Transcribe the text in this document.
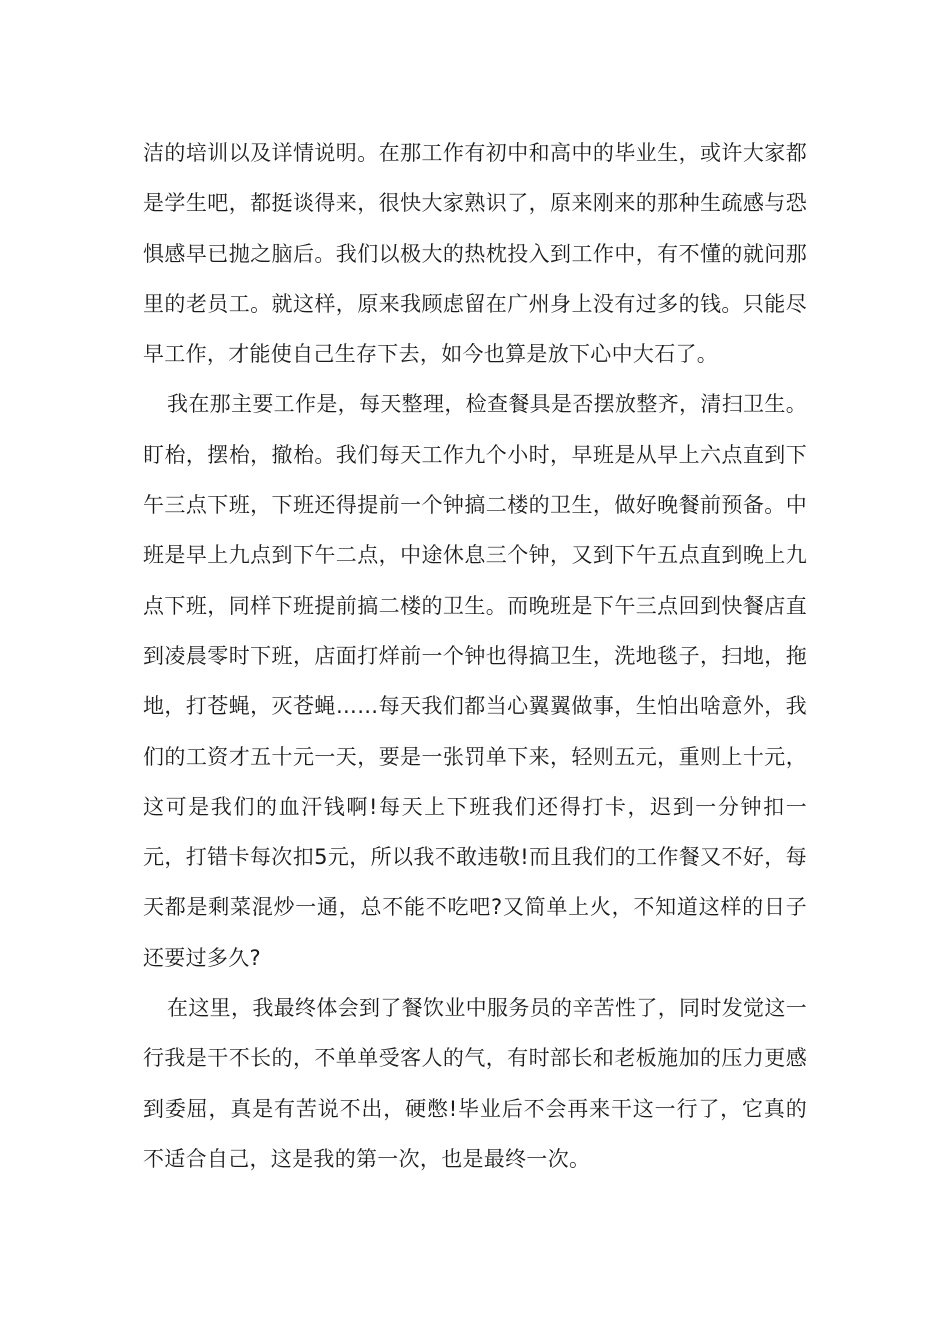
洁的培训以及详情说明。在那工作有初中和高中的毕业生，或许大家都是学生吧，都挺谈得来，很快大家熟识了，原来刚来的那种生疏感与恐惧感早已抛之脑后。我们以极大的热枕投入到工作中，有不懂的就问那里的老员工。就这样，原来我顾虑留在广州身上没有过多的钱。只能尽早工作，才能使自己生存下去，如今也算是放下心中大石了。

我在那主要工作是，每天整理，检查餐具是否摆放整齐，清扫卫生。盯枱，摆枱，撤枱。我们每天工作九个小时，早班是从早上六点直到下午三点下班，下班还得提前一个钟搞二楼的卫生，做好晚餐前预备。中班是早上九点到下午二点，中途休息三个钟，又到下午五点直到晚上九点下班，同样下班提前搞二楼的卫生。而晚班是下午三点回到快餐店直到凌晨零时下班，店面打烊前一个钟也得搞卫生，洗地毯子，扫地，拖地，打苍蝇，灭苍蝇……每天我们都当心翼翼做事，生怕出啥意外，我们的工资才五十元一天，要是一张罚单下来，轻则五元，重则上十元，这可是我们的血汗钱啊!每天上下班我们还得打卡，迟到一分钟扣一元，打错卡每次扣5元，所以我不敢违敬!而且我们的工作餐又不好，每天都是剩菜混炒一通，总不能不吃吧?又简单上火，不知道这样的日子还要过多久?

在这里，我最终体会到了餐饮业中服务员的辛苦性了，同时发觉这一行我是干不长的，不单单受客人的气，有时部长和老板施加的压力更感到委屈，真是有苦说不出，硬憋!毕业后不会再来干这一行了，它真的不适合自己，这是我的第一次，也是最终一次。
